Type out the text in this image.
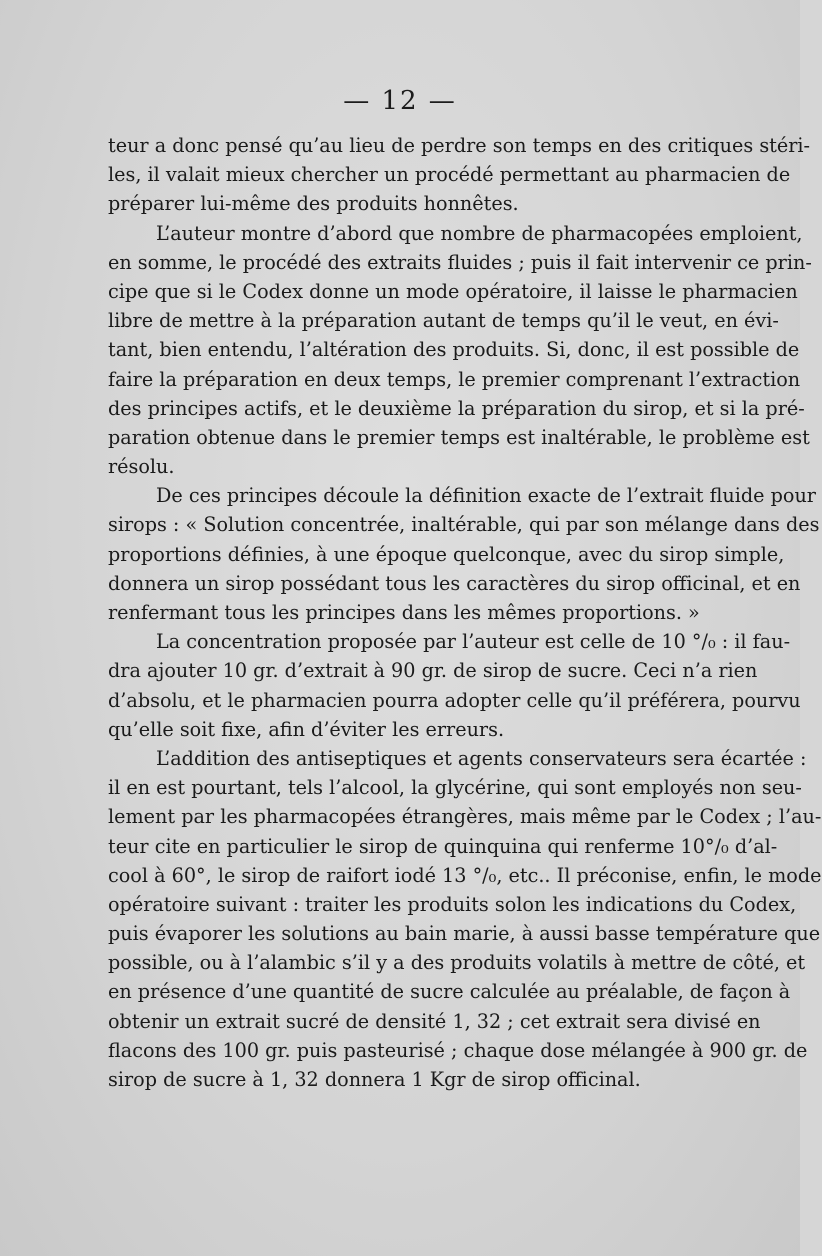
— 12 —
teur a donc pensé qu’au lieu de perdre son temps en des critiques stéri-
les, il valait mieux chercher un procédé permettant au pharmacien de
préparer lui-même des produits honnêtes.
L’auteur montre d’abord que nombre de pharmacopées emploient,
en somme, le procédé des extraits fluides ; puis il fait intervenir ce prin-
cipe que si le Codex donne un mode opératoire, il laisse le pharmacien
libre de mettre à la préparation autant de temps qu’il le veut, en évi-
tant, bien entendu, l’altération des produits. Si, donc, il est possible de
faire la préparation en deux temps, le premier comprenant l’extraction
des principes actifs, et le deuxième la préparation du sirop, et si la pré-
paration obtenue dans le premier temps est inaltérable, le problème est
résolu.
De ces principes découle la définition exacte de l’extrait fluide pour
sirops : « Solution concentrée, inaltérable, qui par son mélange dans des
proportions définies, à une époque quelconque, avec du sirop simple,
donnera un sirop possédant tous les caractères du sirop officinal, et en
renfermant tous les principes dans les mêmes proportions. »
La concentration proposée par l’auteur est celle de 10 °/₀ : il fau-
dra ajouter 10 gr. d’extrait à 90 gr. de sirop de sucre. Ceci n’a rien
d’absolu, et le pharmacien pourra adopter celle qu’il préférera, pourvu
qu’elle soit fixe, afin d’éviter les erreurs.
L’addition des antiseptiques et agents conservateurs sera écartée :
il en est pourtant, tels l’alcool, la glycérine, qui sont employés non seu-
lement par les pharmacopées étrangères, mais même par le Codex ; l’au-
teur cite en particulier le sirop de quinquina qui renferme 10°/₀ d’al-
cool à 60°, le sirop de raifort iodé 13 °/₀, etc.. Il préconise, enfin, le mode
opératoire suivant : traiter les produits solon les indications du Codex,
puis évaporer les solutions au bain marie, à aussi basse température que
possible, ou à l’alambic s’il y a des produits volatils à mettre de côté, et
en présence d’une quantité de sucre calculée au préalable, de façon à
obtenir un extrait sucré de densité 1, 32 ; cet extrait sera divisé en
flacons des 100 gr. puis pasteurisé ; chaque dose mélangée à 900 gr. de
sirop de sucre à 1, 32 donnera 1 Kgr de sirop officinal.
